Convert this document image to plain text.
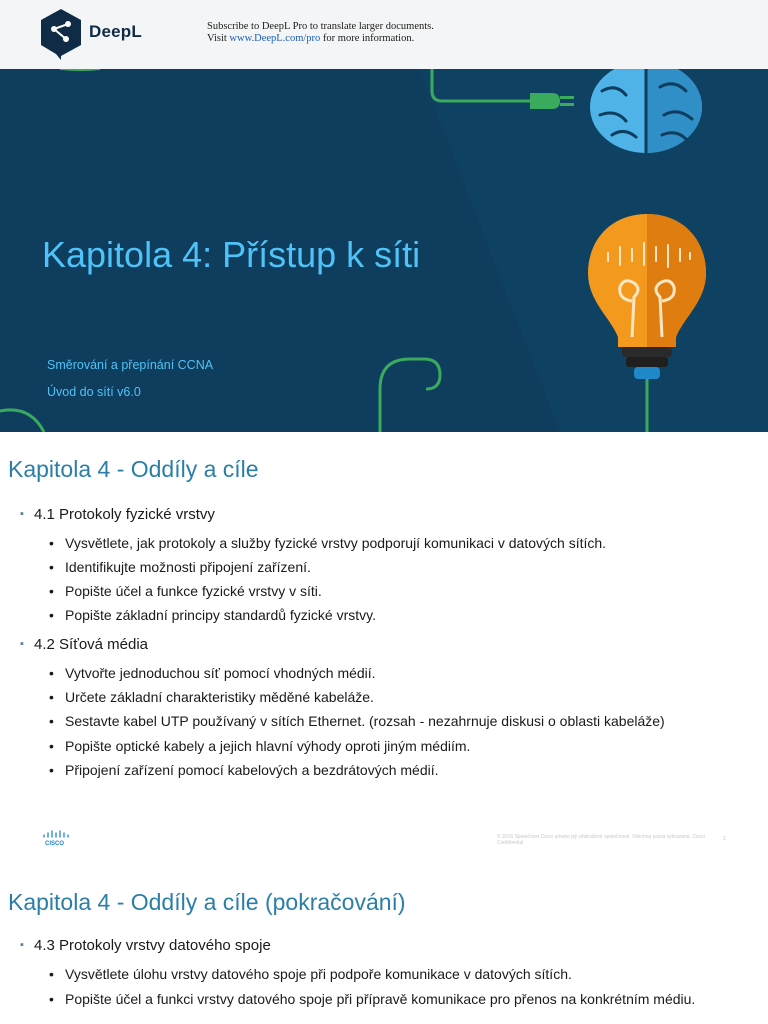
DeepL	Subscribe to DeepL Pro to translate larger documents.
Visit www.DeepL.com/pro for more information.
Kapitola 4: Přístup k síti
Směrování a přepínání CCNA
Úvod do sítí v6.0
Kapitola 4 - Oddíly a cíle
▪ 4.1 Protokoly fyzické vrstvy
• Vysvětlete, jak protokoly a služby fyzické vrstvy podporují komunikaci v datových sítích.
• Identifikujte možnosti připojení zařízení.
• Popište účel a funkce fyzické vrstvy v síti.
• Popište základní principy standardů fyzické vrstvy.
▪ 4.2 Síťová média
• Vytvořte jednoduchou síť pomocí vhodných médií.
• Určete základní charakteristiky měděné kabeláže.
• Sestavte kabel UTP používaný v sítích Ethernet. (rozsah - nezahrnuje diskusi o oblasti kabeláže)
• Popište optické kabely a jejich hlavní výhody oproti jiným médiím.
• Připojení zařízení pomocí kabelových a bezdrátových médií.
CISCO
© 2016 Společnost Cisco a/nebo její přidružené společnosti. Všechna práva vyhrazena. Cisco Confidential
2
Kapitola 4 - Oddíly a cíle (pokračování)
▪ 4.3 Protokoly vrstvy datového spoje
• Vysvětlete úlohu vrstvy datového spoje při podpoře komunikace v datových sítích.
• Popište účel a funkci vrstvy datového spoje při přípravě komunikace pro přenos na konkrétním médiu.
